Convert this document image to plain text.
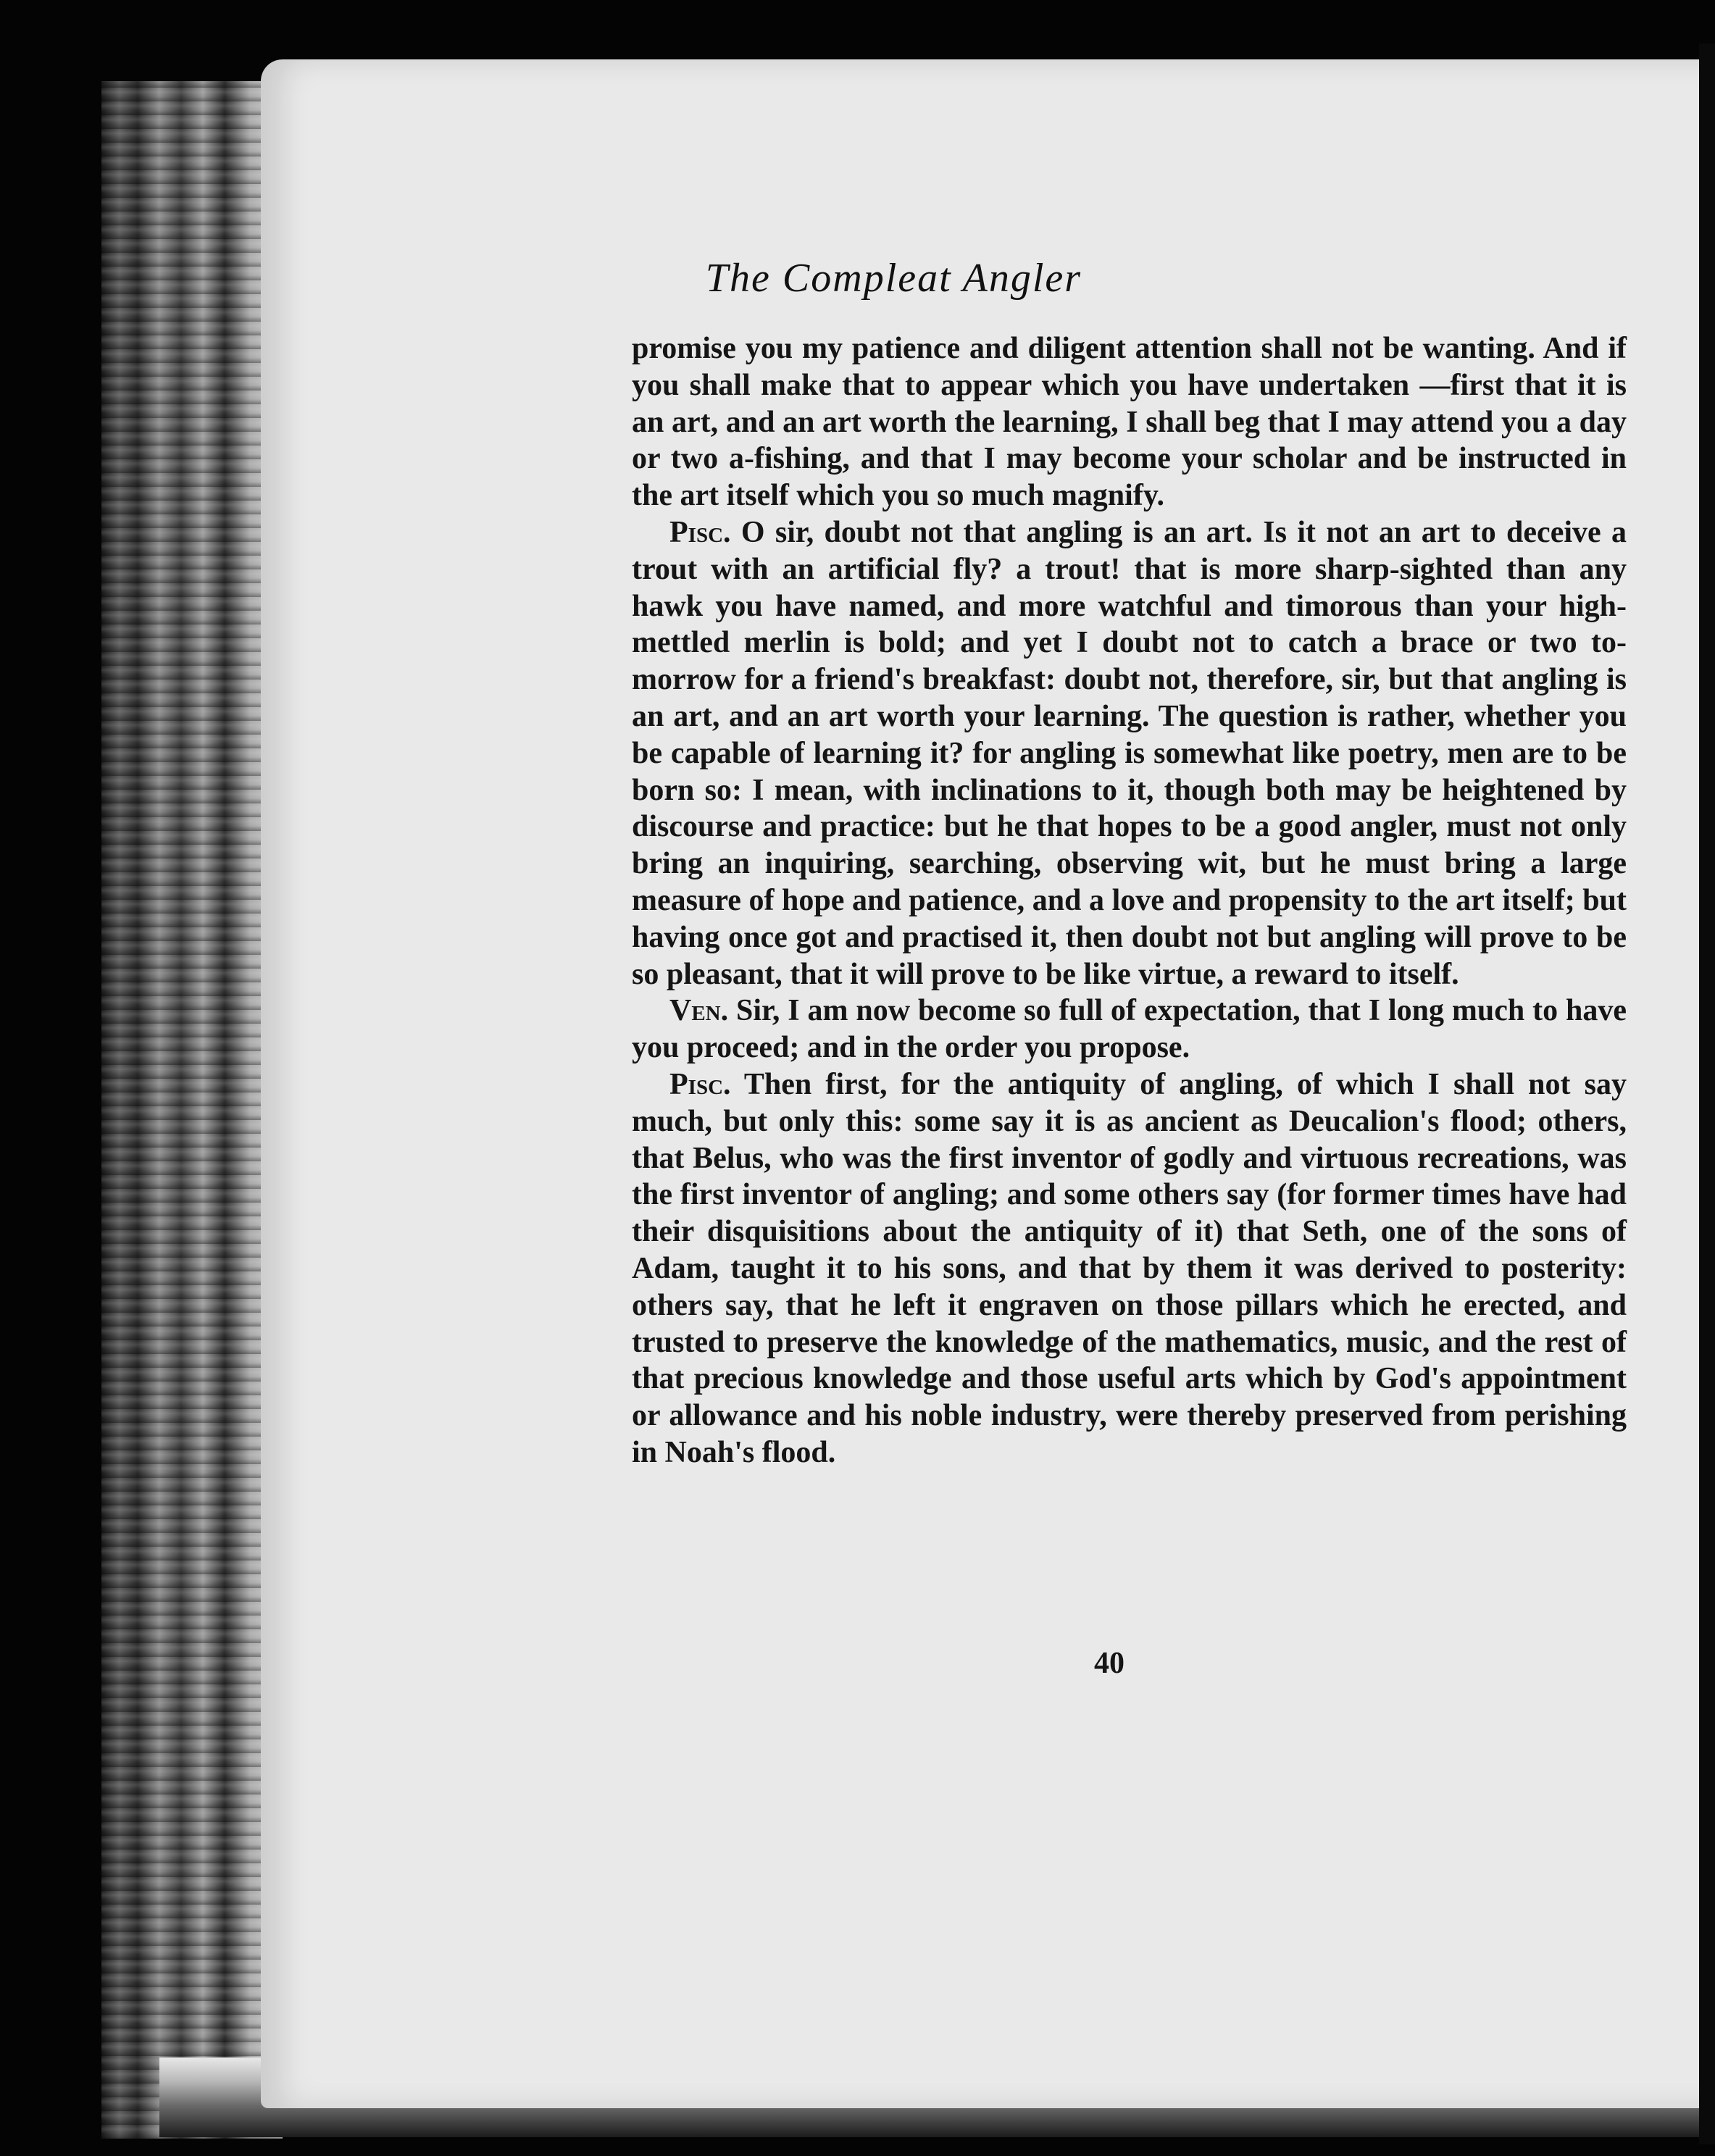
The Compleat Angler

promise you my patience and diligent attention shall not be wanting. And if you shall make that to appear which you have undertaken —first that it is an art, and an art worth the learning, I shall beg that I may attend you a day or two a-fishing, and that I may become your scholar and be instructed in the art itself which you so much magnify.

Pisc. O sir, doubt not that angling is an art. Is it not an art to deceive a trout with an artificial fly? a trout! that is more sharp-sighted than any hawk you have named, and more watchful and timorous than your high-mettled merlin is bold; and yet I doubt not to catch a brace or two to-morrow for a friend's breakfast: doubt not, therefore, sir, but that angling is an art, and an art worth your learning. The question is rather, whether you be capable of learning it? for angling is somewhat like poetry, men are to be born so: I mean, with inclinations to it, though both may be heightened by discourse and practice: but he that hopes to be a good angler, must not only bring an inquiring, searching, observing wit, but he must bring a large measure of hope and patience, and a love and propensity to the art itself; but having once got and practised it, then doubt not but angling will prove to be so pleasant, that it will prove to be like virtue, a reward to itself.

Ven. Sir, I am now become so full of expectation, that I long much to have you proceed; and in the order you propose.

Pisc. Then first, for the antiquity of angling, of which I shall not say much, but only this: some say it is as ancient as Deucalion's flood; others, that Belus, who was the first inventor of godly and virtuous recreations, was the first inventor of angling; and some others say (for former times have had their disquisitions about the antiquity of it) that Seth, one of the sons of Adam, taught it to his sons, and that by them it was derived to posterity: others say, that he left it engraven on those pillars which he erected, and trusted to preserve the knowledge of the mathematics, music, and the rest of that precious knowledge and those useful arts which by God's appointment or allowance and his noble industry, were thereby preserved from perishing in Noah's flood.

40
